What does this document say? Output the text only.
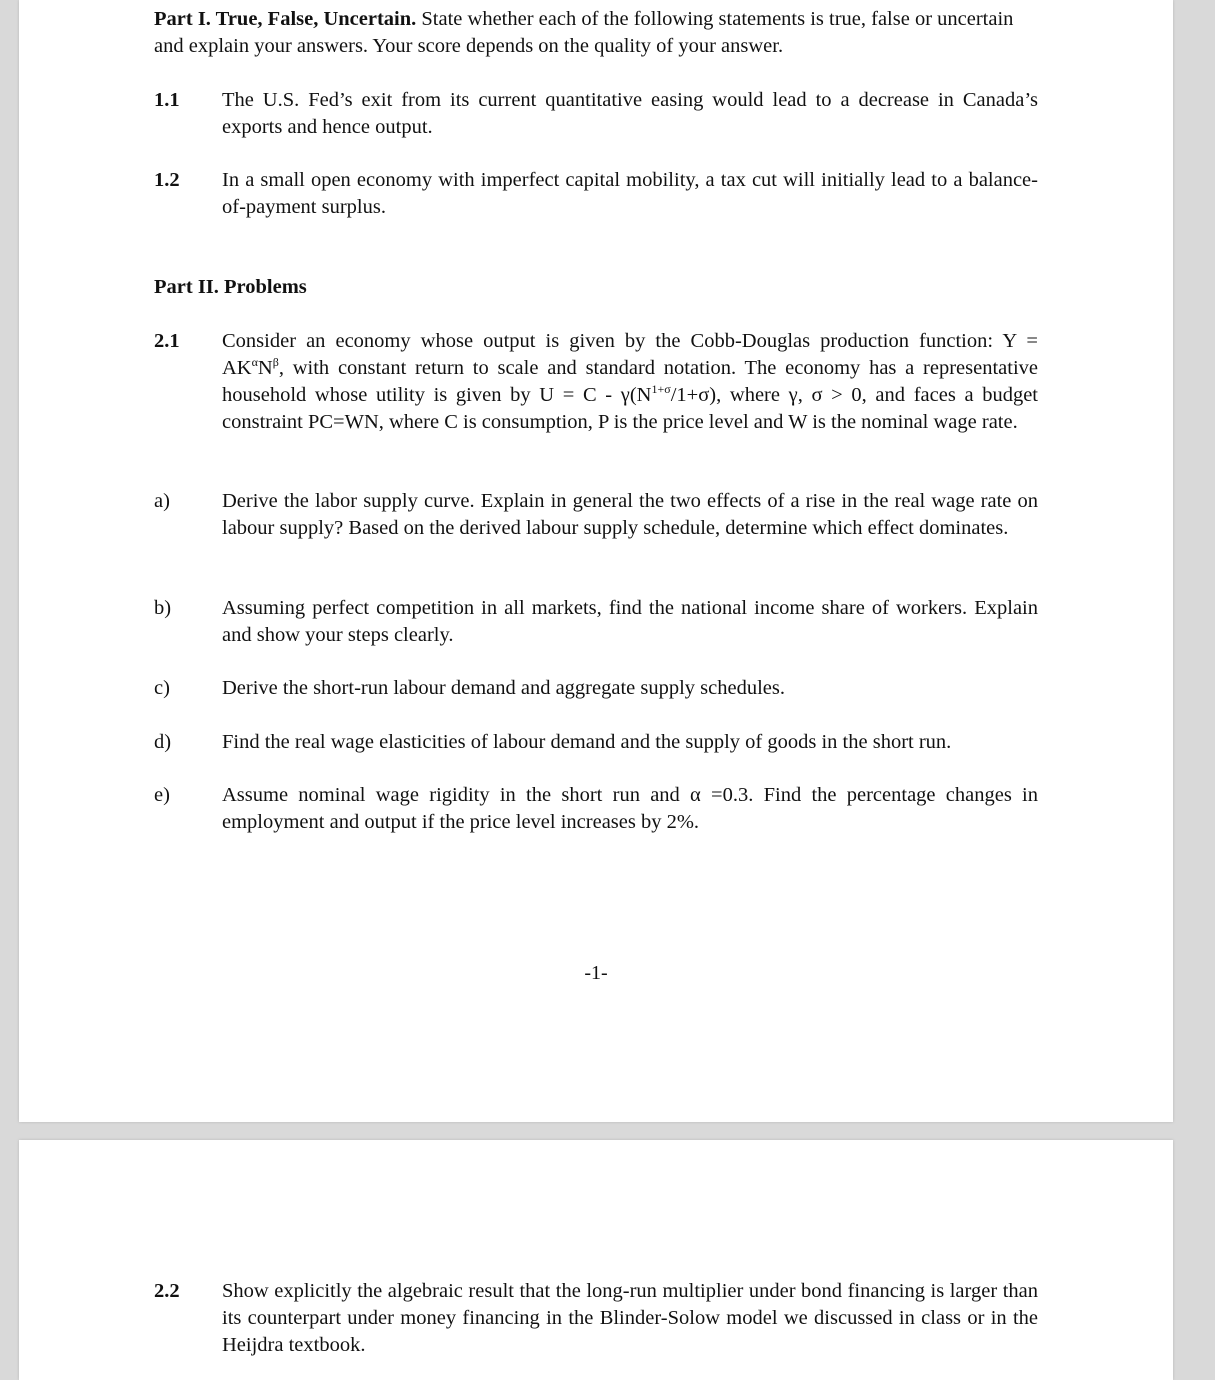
Part I. True, False, Uncertain. State whether each of the following statements is true, false or uncertain and explain your answers. Your score depends on the quality of your answer.
1.1	The U.S. Fed’s exit from its current quantitative easing would lead to a decrease in Canada’s exports and hence output.
1.2	In a small open economy with imperfect capital mobility, a tax cut will initially lead to a balance-of-payment surplus.
Part II. Problems
2.1	Consider an economy whose output is given by the Cobb-Douglas production function: $Y = AK^\alpha N^\beta$, with constant return to scale and standard notation. The economy has a representative household whose utility is given by $U = C - \gamma(N^{1+\sigma}/1+\sigma)$, where γ, σ > 0, and faces a budget constraint PC=WN, where C is consumption, P is the price level and W is the nominal wage rate.
a)	Derive the labor supply curve. Explain in general the two effects of a rise in the real wage rate on labour supply? Based on the derived labour supply schedule, determine which effect dominates.
b)	Assuming perfect competition in all markets, find the national income share of workers. Explain and show your steps clearly.
c)	Derive the short-run labour demand and aggregate supply schedules.
d)	Find the real wage elasticities of labour demand and the supply of goods in the short run.
e)	Assume nominal wage rigidity in the short run and α =0.3. Find the percentage changes in employment and output if the price level increases by 2%.
-1-
2.2	Show explicitly the algebraic result that the long-run multiplier under bond financing is larger than its counterpart under money financing in the Blinder-Solow model we discussed in class or in the Heijdra textbook.
